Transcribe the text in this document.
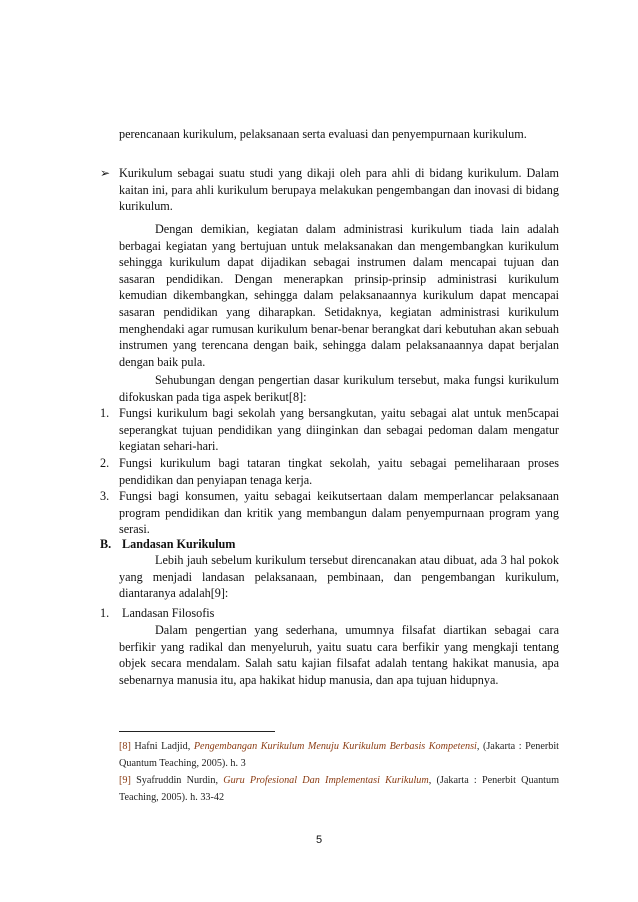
perencanaan kurikulum, pelaksanaan serta evaluasi dan penyempurnaan kurikulum.
➢ Kurikulum sebagai suatu studi yang dikaji oleh para ahli di bidang kurikulum. Dalam kaitan ini, para ahli kurikulum berupaya melakukan pengembangan dan inovasi di bidang kurikulum.
Dengan demikian, kegiatan dalam administrasi kurikulum tiada lain adalah berbagai kegiatan yang bertujuan untuk melaksanakan dan mengembangkan kurikulum sehingga kurikulum dapat dijadikan sebagai instrumen dalam mencapai tujuan dan sasaran pendidikan. Dengan menerapkan prinsip-prinsip administrasi kurikulum kemudian dikembangkan, sehingga dalam pelaksanaannya kurikulum dapat mencapai sasaran pendidikan yang diharapkan. Setidaknya, kegiatan administrasi kurikulum menghendaki agar rumusan kurikulum benar-benar berangkat dari kebutuhan akan sebuah instrumen yang terencana dengan baik, sehingga dalam pelaksanaannya dapat berjalan dengan baik pula.
Sehubungan dengan pengertian dasar kurikulum tersebut, maka fungsi kurikulum difokuskan pada tiga aspek berikut[8]:
1. Fungsi kurikulum bagi sekolah yang bersangkutan, yaitu sebagai alat untuk men5capai seperangkat tujuan pendidikan yang diinginkan dan sebagai pedoman dalam mengatur kegiatan sehari-hari.
2. Fungsi kurikulum bagi tataran tingkat sekolah, yaitu sebagai pemeliharaan proses pendidikan dan penyiapan tenaga kerja.
3. Fungsi bagi konsumen, yaitu sebagai keikutsertaan dalam memperlancar pelaksanaan program pendidikan dan kritik yang membangun dalam penyempurnaan program yang serasi.
B. Landasan Kurikulum
Lebih jauh sebelum kurikulum tersebut direncanakan atau dibuat, ada 3 hal pokok yang menjadi landasan pelaksanaan, pembinaan, dan pengembangan kurikulum, diantaranya adalah[9]:
1. Landasan Filosofis
Dalam pengertian yang sederhana, umumnya filsafat diartikan sebagai cara berfikir yang radikal dan menyeluruh, yaitu suatu cara berfikir yang mengkaji tentang objek secara mendalam. Salah satu kajian filsafat adalah tentang hakikat manusia, apa sebenarnya manusia itu, apa hakikat hidup manusia, dan apa tujuan hidupnya.
[8] Hafni Ladjid, Pengembangan Kurikulum Menuju Kurikulum Berbasis Kompetensi, (Jakarta : Penerbit Quantum Teaching, 2005). h. 3
[9] Syafruddin Nurdin, Guru Profesional Dan Implementasi Kurikulum, (Jakarta : Penerbit Quantum Teaching, 2005). h. 33-42
5
